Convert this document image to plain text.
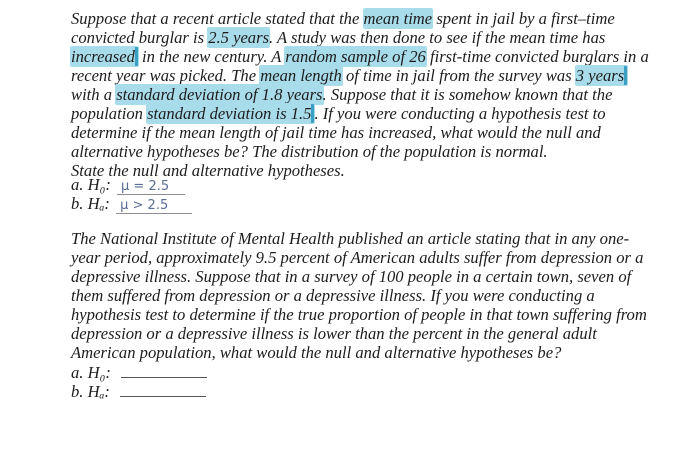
Suppose that a recent article stated that the mean time spent in jail by a first–time
convicted burglar is 2.5 years. A study was then done to see if the mean time has
increased in the new century. A random sample of 26 first-time convicted burglars in a
recent year was picked. The mean length of time in jail from the survey was 3 years
with a standard deviation of 1.8 years. Suppose that it is somehow known that the
population standard deviation is 1.5 . If you were conducting a hypothesis test to
determine if the mean length of jail time has increased, what would the null and
alternative hypotheses be? The distribution of the population is normal.
State the null and alternative hypotheses.
a. H₀: µ = 2.5
b. Hₐ: µ > 2.5
The National Institute of Mental Health published an article stating that in any one-
year period, approximately 9.5 percent of American adults suffer from depression or a
depressive illness. Suppose that in a survey of 100 people in a certain town, seven of
them suffered from depression or a depressive illness. If you were conducting a
hypothesis test to determine if the true proportion of people in that town suffering from
depression or a depressive illness is lower than the percent in the general adult
American population, what would the null and alternative hypotheses be?
a. H₀:
b. Hₐ:
